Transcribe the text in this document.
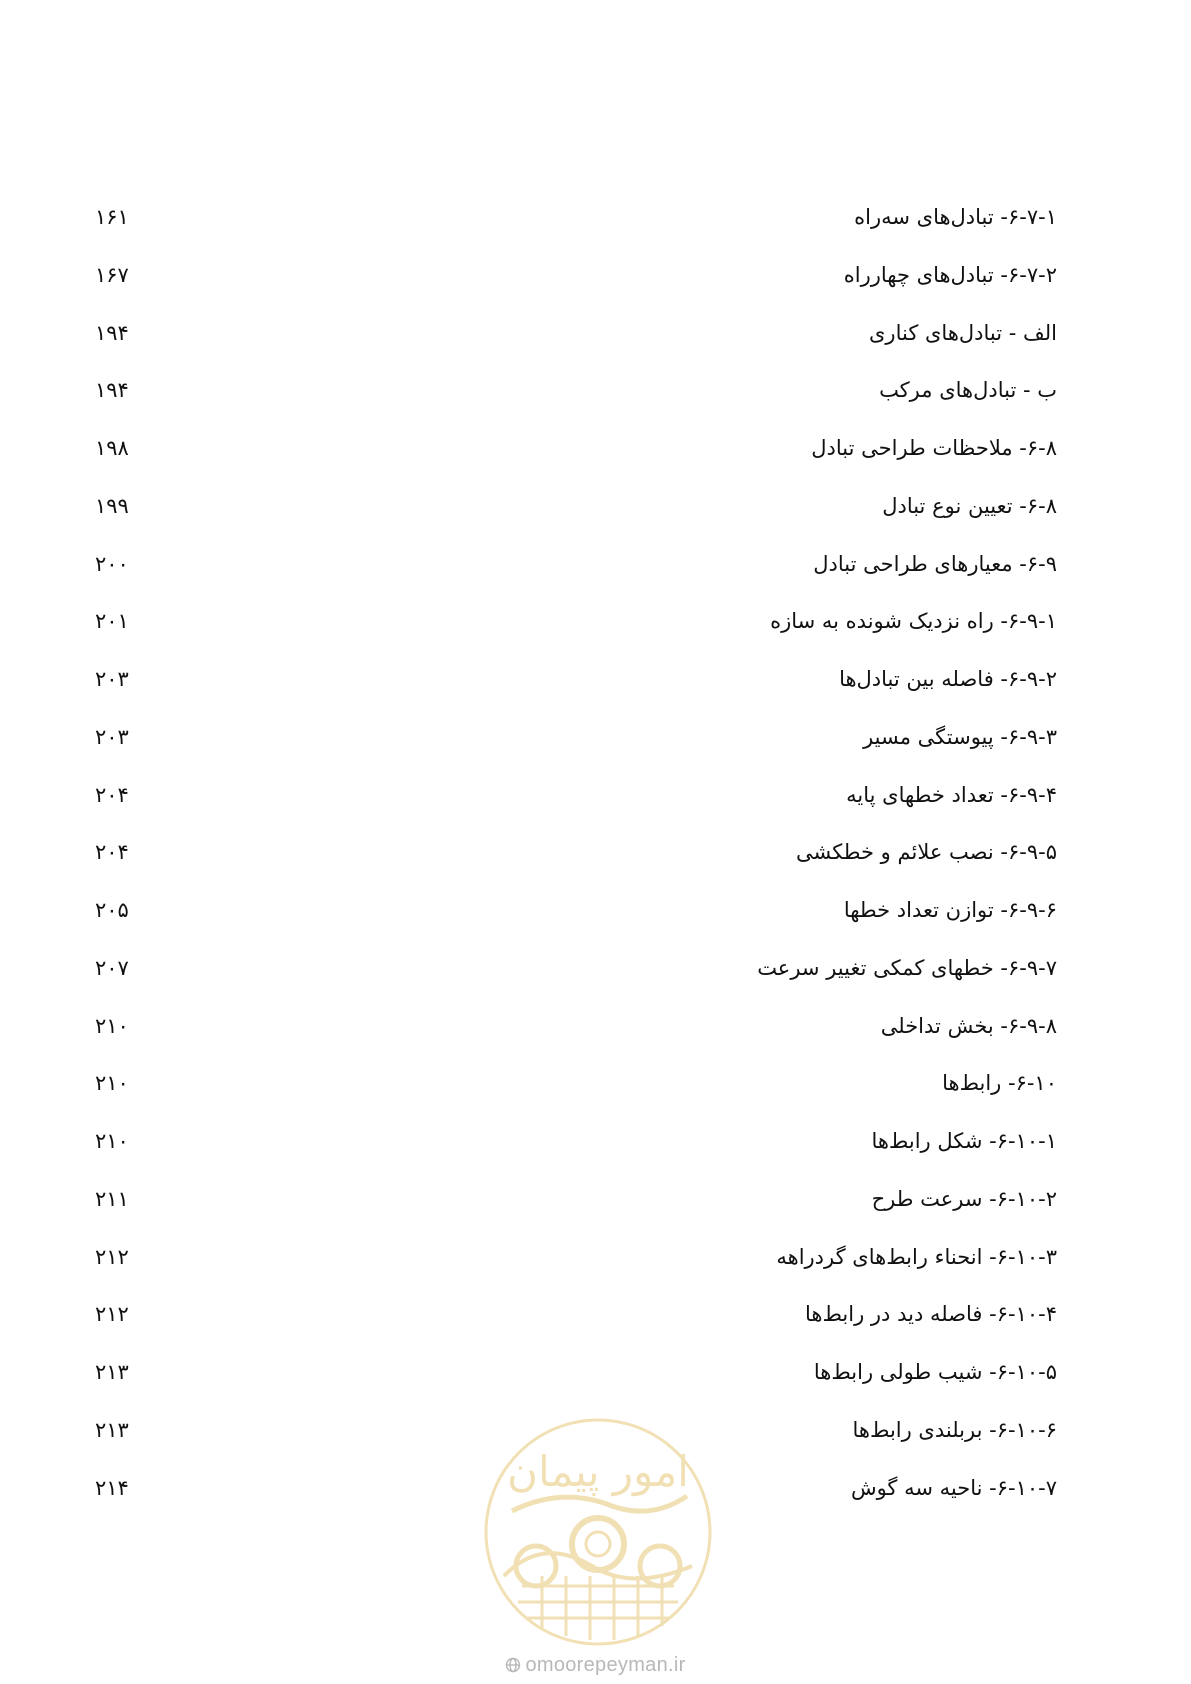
۶-۷-۱- تبادل‌های سه‌راه
۱۶۱
۶-۷-۲- تبادل‌های چهارراه
۱۶۷
الف - تبادل‌های کناری
۱۹۴
ب - تبادل‌های مرکب
۱۹۴
۶-۸- ملاحظات طراحی تبادل
۱۹۸
۶-۸- تعیین نوع تبادل
۱۹۹
۶-۹- معیارهای طراحی تبادل
۲۰۰
۶-۹-۱- راه نزدیک شونده به سازه
۲۰۱
۶-۹-۲- فاصله بین تبادل‌ها
۲۰۳
۶-۹-۳- پیوستگی مسیر
۲۰۳
۶-۹-۴- تعداد خطهای پایه
۲۰۴
۶-۹-۵- نصب علائم و خطکشی
۲۰۴
۶-۹-۶- توازن تعداد خطها
۲۰۵
۶-۹-۷- خطهای کمکی تغییر سرعت
۲۰۷
۶-۹-۸- بخش تداخلی
۲۱۰
۶-۱۰- رابط‌ها
۲۱۰
۶-۱۰-۱- شکل رابط‌ها
۲۱۰
۶-۱۰-۲- سرعت طرح
۲۱۱
۶-۱۰-۳- انحناء رابط‌های گردراهه
۲۱۲
۶-۱۰-۴- فاصله دید در رابط‌ها
۲۱۲
۶-۱۰-۵- شیب طولی رابط‌ها
۲۱۳
۶-۱۰-۶- بربلندی رابط‌ها
۲۱۳
۶-۱۰-۷- ناحیه سه گوش
۲۱۴	امور پیمان
omoorepeyman.ir
